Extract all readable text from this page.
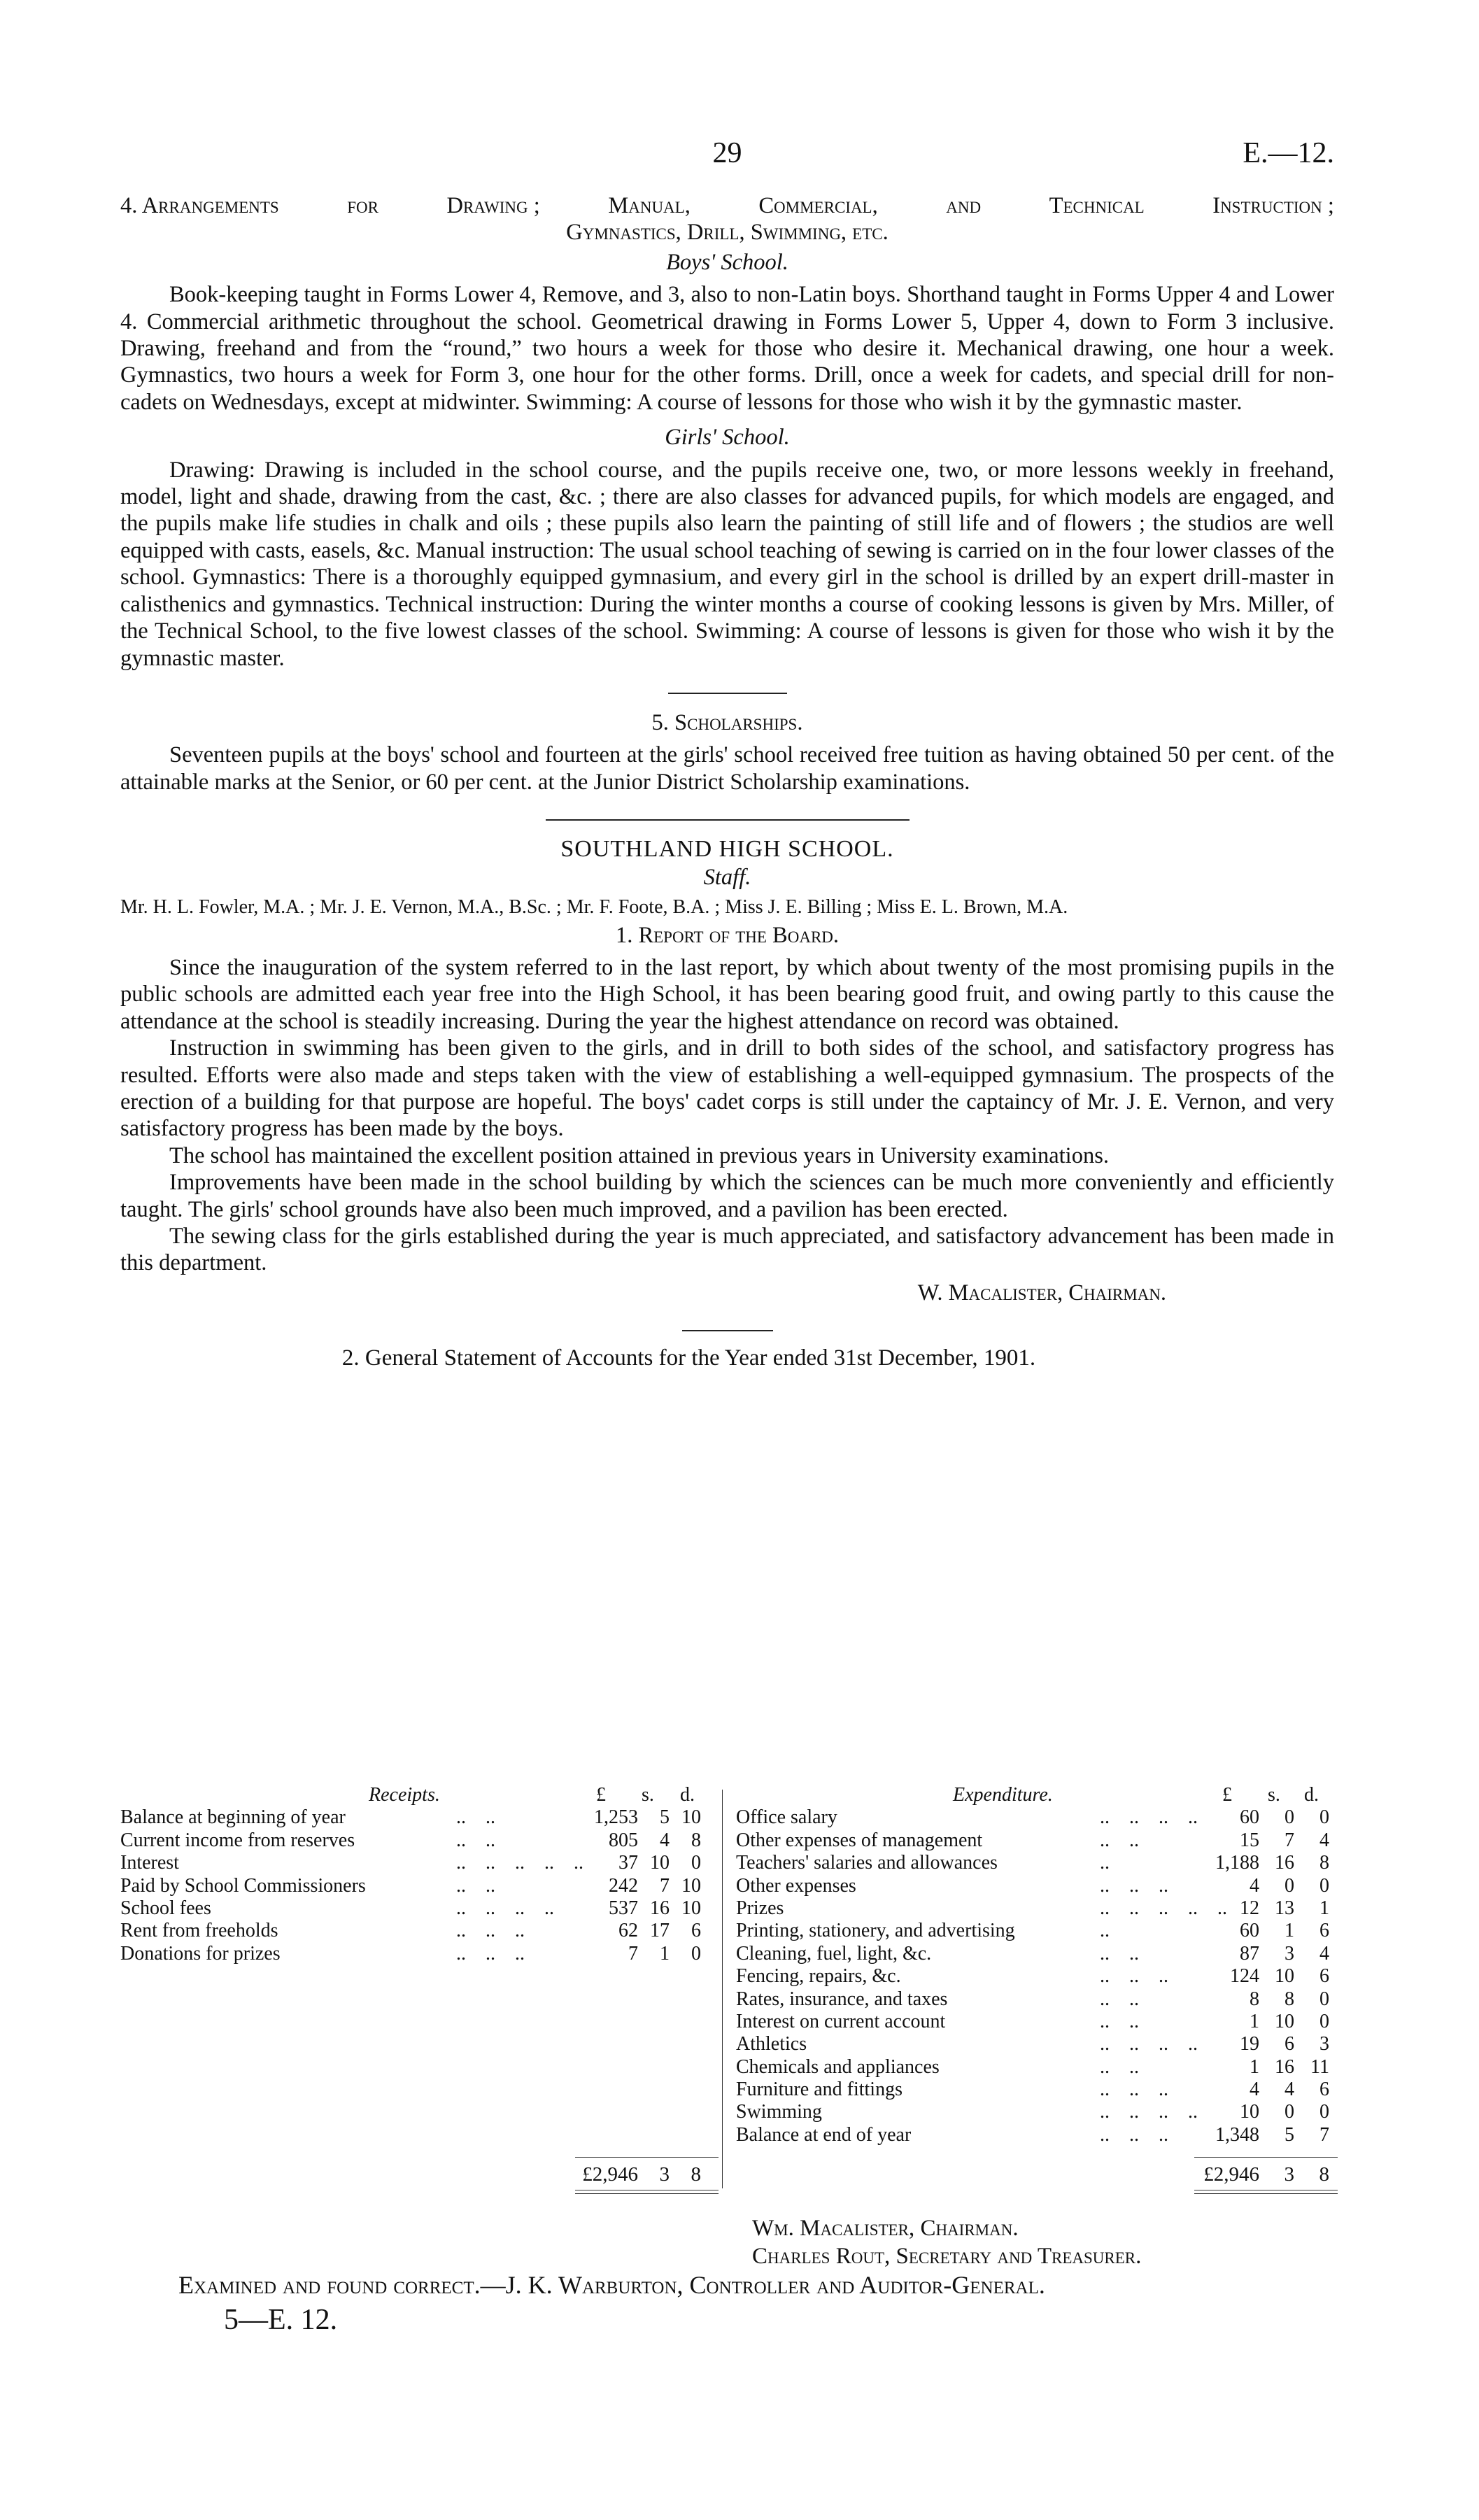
29	E.—12.
4. Arrangements	for	Drawing ;	Manual,	Commercial,	and	Technical	Instruction ;
Gymnastics, Drill, Swimming, etc.
Boys' School.

Book-keeping taught in Forms Lower 4, Remove, and 3, also to non-Latin boys. Shorthand taught in Forms Upper 4 and Lower 4. Commercial arithmetic throughout the school. Geometrical drawing in Forms Lower 5, Upper 4, down to Form 3 inclusive. Drawing, freehand and from the “round,” two hours a week for those who desire it. Mechanical drawing, one hour a week. Gymnastics, two hours a week for Form 3, one hour for the other forms. Drill, once a week for cadets, and special drill for non-cadets on Wednesdays, except at midwinter. Swimming: A course of lessons for those who wish it by the gymnastic master.

Girls' School.

Drawing: Drawing is included in the school course, and the pupils receive one, two, or more lessons weekly in freehand, model, light and shade, drawing from the cast, &c. ; there are also classes for advanced pupils, for which models are engaged, and the pupils make life studies in chalk and oils ; these pupils also learn the painting of still life and of flowers ; the studios are well equipped with casts, easels, &c. Manual instruction: The usual school teaching of sewing is carried on in the four lower classes of the school. Gymnastics: There is a thoroughly equipped gymnasium, and every girl in the school is drilled by an expert drill-master in calisthenics and gymnastics. Technical instruction: During the winter months a course of cooking lessons is given by Mrs. Miller, of the Technical School, to the five lowest classes of the school. Swimming: A course of lessons is given for those who wish it by the gymnastic master.

5. Scholarships.

Seventeen pupils at the boys' school and fourteen at the girls' school received free tuition as having obtained 50 per cent. of the attainable marks at the Senior, or 60 per cent. at the Junior District Scholarship examinations.

SOUTHLAND HIGH SCHOOL.
Staff.

Mr. H. L. Fowler, M.A. ; Mr. J. E. Vernon, M.A., B.Sc. ; Mr. F. Foote, B.A. ; Miss J. E. Billing ; Miss E. L. Brown, M.A.

1. Report of the Board.

Since the inauguration of the system referred to in the last report, by which about twenty of the most promising pupils in the public schools are admitted each year free into the High School, it has been bearing good fruit, and owing partly to this cause the attendance at the school is steadily increasing. During the year the highest attendance on record was obtained.

Instruction in swimming has been given to the girls, and in drill to both sides of the school, and satisfactory progress has resulted. Efforts were also made and steps taken with the view of establishing a well-equipped gymnasium. The prospects of the erection of a building for that purpose are hopeful. The boys' cadet corps is still under the captaincy of Mr. J. E. Vernon, and very satisfactory progress has been made by the boys.

The school has maintained the excellent position attained in previous years in University examinations.

Improvements have been made in the school building by which the sciences can be much more conveniently and efficiently taught. The girls' school grounds have also been much improved, and a pavilion has been erected.

The sewing class for the girls established during the year is much appreciated, and satisfactory advancement has been made in this department.

W. Macalister, Chairman.
2. General Statement of Accounts for the Year ended 31st December, 1901.
Receipts.	£ s. d.
Balance at beginning of year	..    ..	1,253	5 10
Current income from reserves	..    ..	805	4	8
Interest	..    ..    ..    ..    ..	37 10	0
Paid by School Commissioners	..    ..	242	7 10
School fees	..    ..    ..    ..	537 16 10
Rent from freeholds	..    ..    ..	62 17	6
Donations for prizes	..    ..    ..	7	1	0
Expenditure.	£ s. d.
Office salary	..    ..    ..    ..	60	0	0
Other expenses of management	..    ..	15	7	4
Teachers' salaries and allowances	..	1,188 16	8
Other expenses	..    ..    ..	4	0	0
Prizes	..    ..    ..    ..    .. 12 13	1
Printing, stationery, and advertising	..	60	1	6
Cleaning, fuel, light, &c.	..    ..	87	3	4
Fencing, repairs, &c.	..    ..    ..	124 10	6
Rates, insurance, and taxes	..    ..	8	8	0
Interest on current account	..    ..	1 10	0
Athletics	..    ..    ..    ..	19	6	3
Chemicals and appliances	..    ..	1 16 11
Furniture and fittings	..    ..    ..	4	4	6
Swimming	..    ..    ..    ..	10	0	0
Balance at end of year	..    ..    ..	1,348	5	7
£2,946	3	8	£2,946	3	8
Wm. Macalister, Chairman.
Charles Rout, Secretary and Treasurer.
Examined and found correct.—J. K. Warburton, Controller and Auditor-General.
5—E. 12.
